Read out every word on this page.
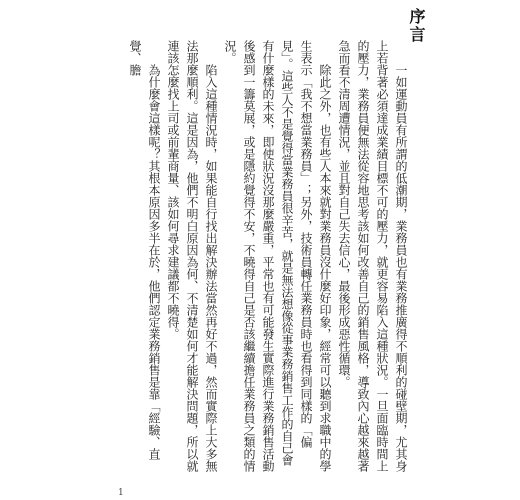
序言

一如運動員有所謂的低潮期，業務員也有業務推廣得不順利的碰壁期，尤其身上若背著必須達成業績目標不可的壓力，就更容易陷入這種狀況。一旦面臨時間上的壓力，業務員便無法從容地思考該如何改善自己的銷售風格，導致內心越來越著急而看不清周遭情況，並且對自己失去信心，最後形成惡性循環。

除此之外，也有些人本來就對業務員沒什麼好印象，經常可以聽到求職中的學生表示「我不想當業務員」；另外，技術員轉任業務員時也看得到同樣的「偏見」。這些人不是覺得當業務員很辛苦，就是無法想像從事業務銷售工作的自己會有什麼樣的未來，即使狀況沒那麼嚴重，平常也有可能發生實際進行業務銷售活動後感到一籌莫展，或是隱約覺得不安，不曉得自己是否該繼續擔任業務員之類的情況。

陷入這種情況時，如果能自行找出解決辦法當然再好不過，然而實際上大多無法那麼順利。這是因為，他們不明白原因為何、不清楚如何才能解決問題，所以就連該怎麼找上司或前輩商量、該如何尋求建議都不曉得。

為什麼會這樣呢？其根本原因多半在於，他們認定業務銷售是靠「經驗、直覺、膽

1
